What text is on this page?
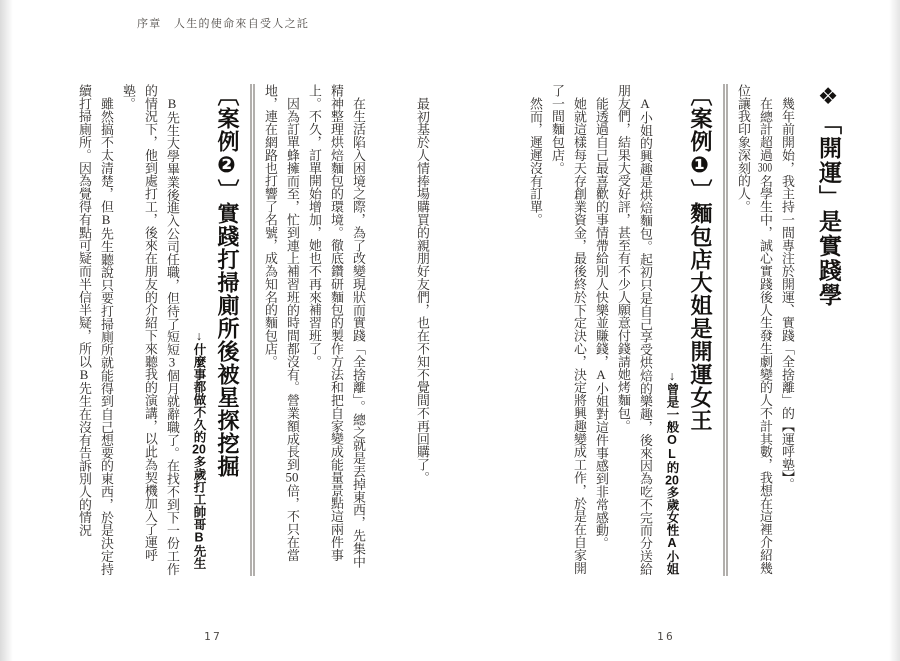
序章　人生的使命來自受人之託
❖「開運」是實踐學

幾年前開始，我主持一間專注於開運、實踐「全捨離」的【運呼塾】。

在總計超過300名學生中，誠心實踐後人生發生劇變的人不計其數，我想在這裡介紹幾位讓我印象深刻的人。

〔案例❶〕麵包店大姐是開運女王
↓曾是一般OL的20多歲女性A小姐

A小姐的興趣是烘焙麵包。起初只是自己享受烘焙的樂趣，後來因為吃不完而分送給朋友們，結果大受好評，甚至有不少人願意付錢請她烤麵包。

能透過自己最喜歡的事情帶給別人快樂並賺錢，A小姐對這件事感到非常感動。

她就這樣每天存創業資金，最後終於下定決心，決定將興趣變成工作，於是在自家開了一間麵包店。

然而，遲遲沒有訂單。

最初基於人情捧場購買的親朋好友們，也在不知不覺間不再回購了。

在生活陷入困境之際，為了改變現狀而實踐「全捨離」。總之就是丟掉東西，先集中精神整理烘焙麵包的環境。徹底鑽研麵包的製作方法和把自家變成能量景點這兩件事上。不久，訂單開始增加，她也不再來補習班了。

因為訂單蜂擁而至，忙到連上補習班的時間都沒有。營業額成長到50倍，不只在當地，連在網路也打響了名號，成為知名的麵包店。

〔案例❷〕實踐打掃廁所後被星探挖掘
↓什麼事都做不久的20多歲打工帥哥B先生

B先生大學畢業後進入公司任職，但待了短短3個月就辭職了。在找不到下一份工作的情況下，他到處打工，後來在朋友的介紹下來聽我的演講，以此為契機加入了運呼塾。

雖然搞不太清楚，但B先生聽說只要打掃廁所就能得到自己想要的東西，於是決定持續打掃廁所。因為覺得有點可疑而半信半疑，所以B先生在沒有告訴別人的情況

17	16
